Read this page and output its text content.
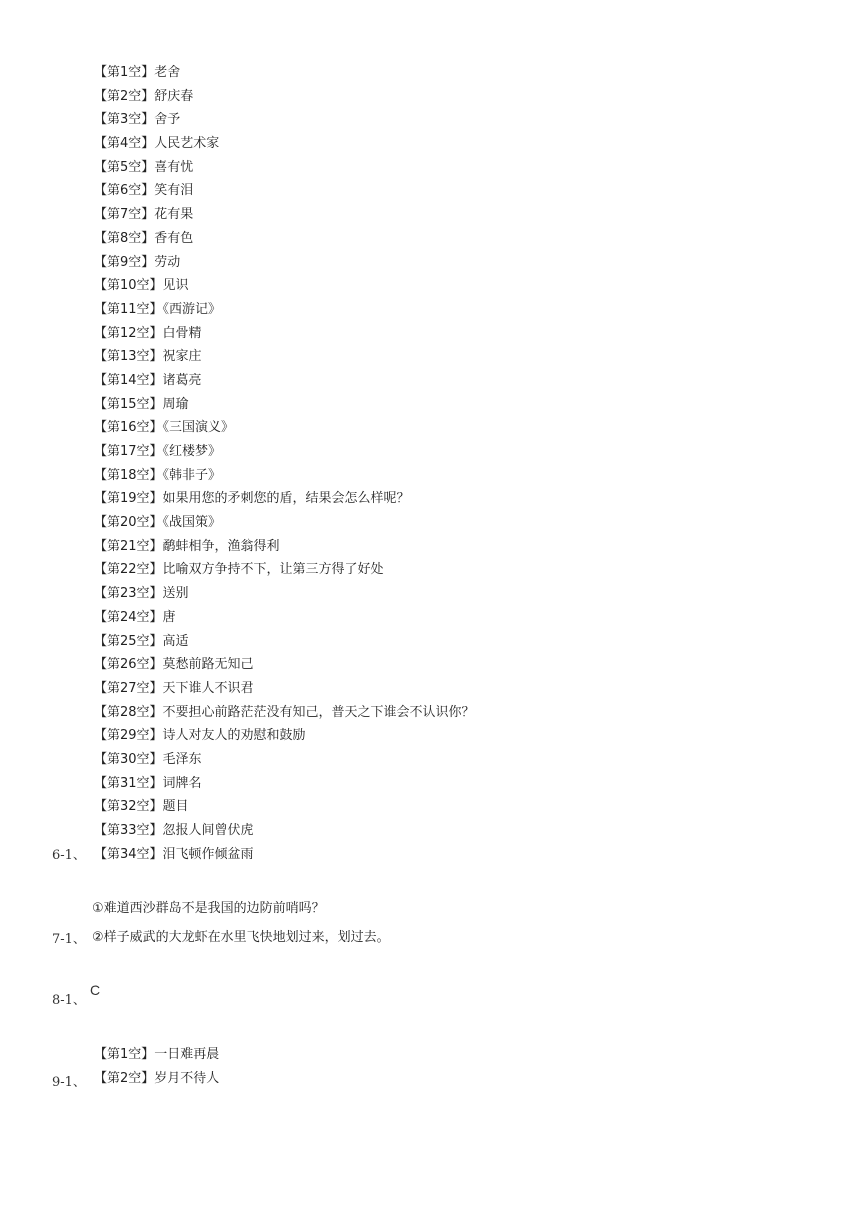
【第1空】老舍
【第2空】舒庆春
【第3空】舍予
【第4空】人民艺术家
【第5空】喜有忧
【第6空】笑有泪
【第7空】花有果
【第8空】香有色
【第9空】劳动
【第10空】见识
【第11空】《西游记》
【第12空】白骨精
【第13空】祝家庄
【第14空】诸葛亮
【第15空】周瑜
【第16空】《三国演义》
【第17空】《红楼梦》
【第18空】《韩非子》
【第19空】如果用您的矛刺您的盾，结果会怎么样呢？
【第20空】《战国策》
【第21空】鹬蚌相争，渔翁得利
【第22空】比喻双方争持不下，让第三方得了好处
【第23空】送别
【第24空】唐
【第25空】高适
【第26空】莫愁前路无知己
【第27空】天下谁人不识君
【第28空】不要担心前路茫茫没有知己，普天之下谁会不认识你？
【第29空】诗人对友人的劝慰和鼓励
【第30空】毛泽东
【第31空】词牌名
【第32空】题目
【第33空】忽报人间曾伏虎
【第34空】泪飞顿作倾盆雨
6-1、
①难道西沙群岛不是我国的边防前哨吗？
7-1、 ②样子威武的大龙虾在水里飞快地划过来，划过去。
8-1、
C
【第1空】一日难再晨
9-1、 【第2空】岁月不待人
